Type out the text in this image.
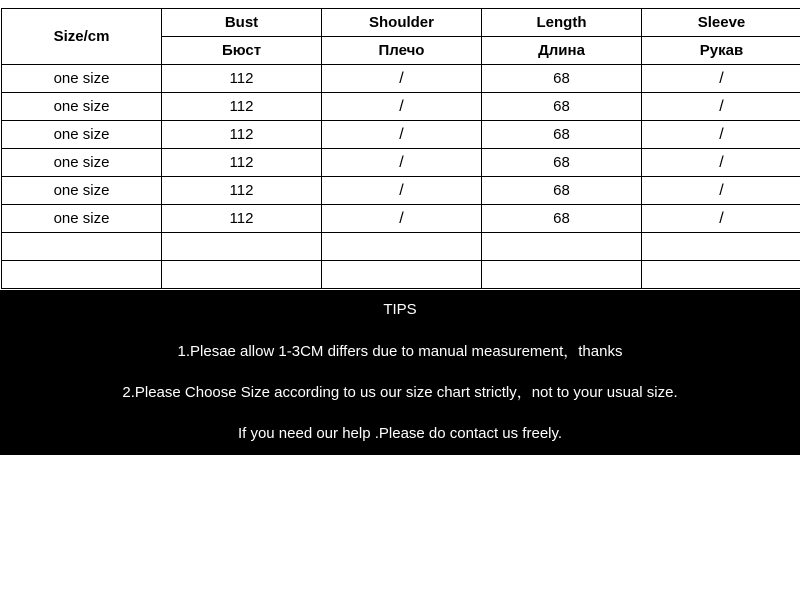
Size/cm	Bust	Shoulder	Length	Sleeve
	Бюст	Плечо	Длина	Рукав
one size	112	/	68	/
one size	112	/	68	/
one size	112	/	68	/
one size	112	/	68	/
one size	112	/	68	/
one size	112	/	68	/

TIPS
1.Plesae allow 1-3CM differs due to manual measurement，thanks
2.Please Choose Size according to us our size chart strictly，not to your usual size.
If you need our help .Please do contact us freely.
